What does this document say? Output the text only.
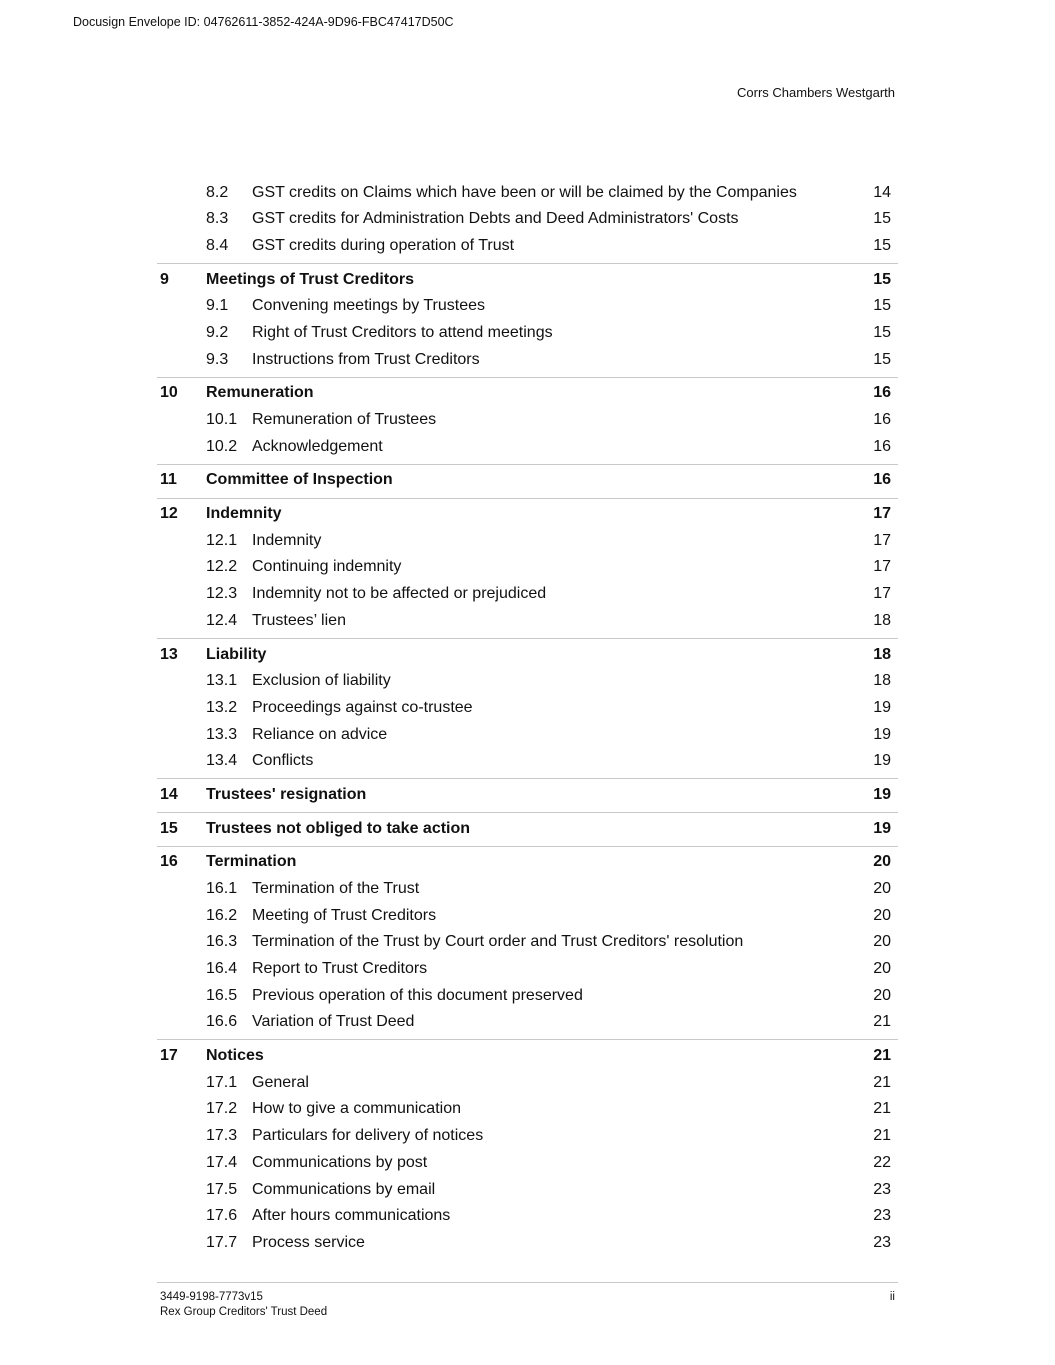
Docusign Envelope ID: 04762611-3852-424A-9D96-FBC47417D50C
Corrs Chambers Westgarth
8.2 GST credits on Claims which have been or will be claimed by the Companies	14
8.3 GST credits for Administration Debts and Deed Administrators' Costs	15
8.4 GST credits during operation of Trust	15
9 Meetings of Trust Creditors	15
9.1 Convening meetings by Trustees	15
9.2 Right of Trust Creditors to attend meetings	15
9.3 Instructions from Trust Creditors	15
10 Remuneration	16
10.1 Remuneration of Trustees	16
10.2 Acknowledgement	16
11 Committee of Inspection	16
12 Indemnity	17
12.1 Indemnity	17
12.2 Continuing indemnity	17
12.3 Indemnity not to be affected or prejudiced	17
12.4 Trustees’ lien	18
13 Liability	18
13.1 Exclusion of liability	18
13.2 Proceedings against co-trustee	19
13.3 Reliance on advice	19
13.4 Conflicts	19
14 Trustees' resignation	19
15 Trustees not obliged to take action	19
16 Termination	20
16.1 Termination of the Trust	20
16.2 Meeting of Trust Creditors	20
16.3 Termination of the Trust by Court order and Trust Creditors' resolution	20
16.4 Report to Trust Creditors	20
16.5 Previous operation of this document preserved	20
16.6 Variation of Trust Deed	21
17 Notices	21
17.1 General	21
17.2 How to give a communication	21
17.3 Particulars for delivery of notices	21
17.4 Communications by post	22
17.5 Communications by email	23
17.6 After hours communications	23
17.7 Process service	23
3449-9198-7773v15
Rex Group Creditors' Trust Deed
ii
